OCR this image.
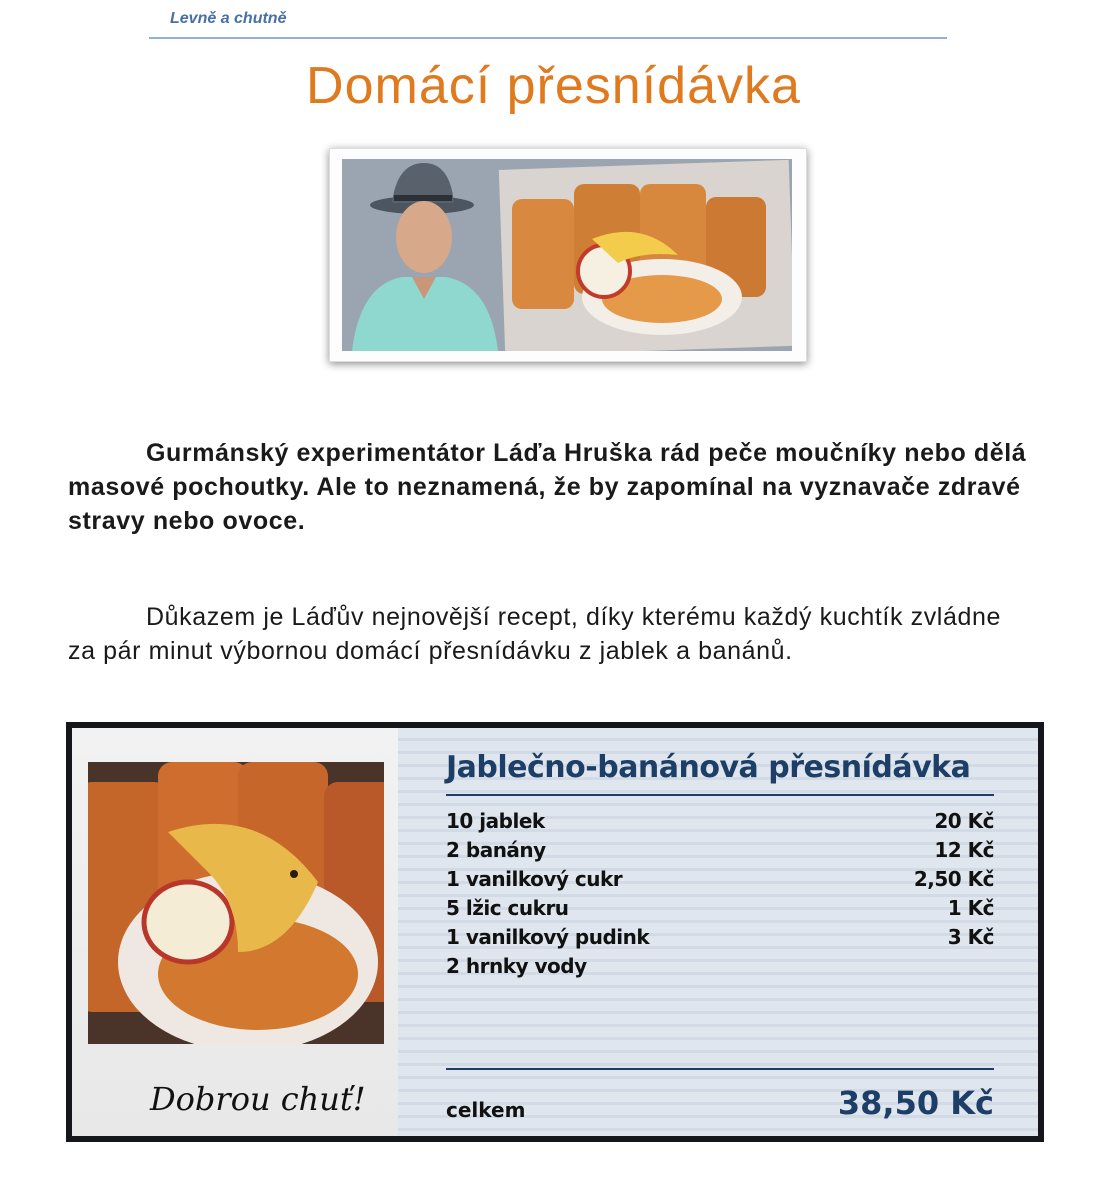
Levně a chutně
Domácí přesnídávka
Gurmánský experimentátor Láďa Hruška rád peče moučníky nebo dělá masové pochoutky. Ale to neznamená, že by zapomínal na vyznavače zdravé stravy nebo ovoce.
Důkazem je Láďův nejnovější recept, díky kterému každý kuchtík zvládne za pár minut výbornou domácí přesnídávku z jablek a banánů.
Dobrou chuť!
Jablečno-banánová přesnídávka
10 jablek	20 Kč
2 banány	12 Kč
1 vanilkový cukr	2,50 Kč
5 lžic cukru	1 Kč
1 vanilkový pudink	3 Kč
2 hrnky vody
celkem	38,50 Kč
